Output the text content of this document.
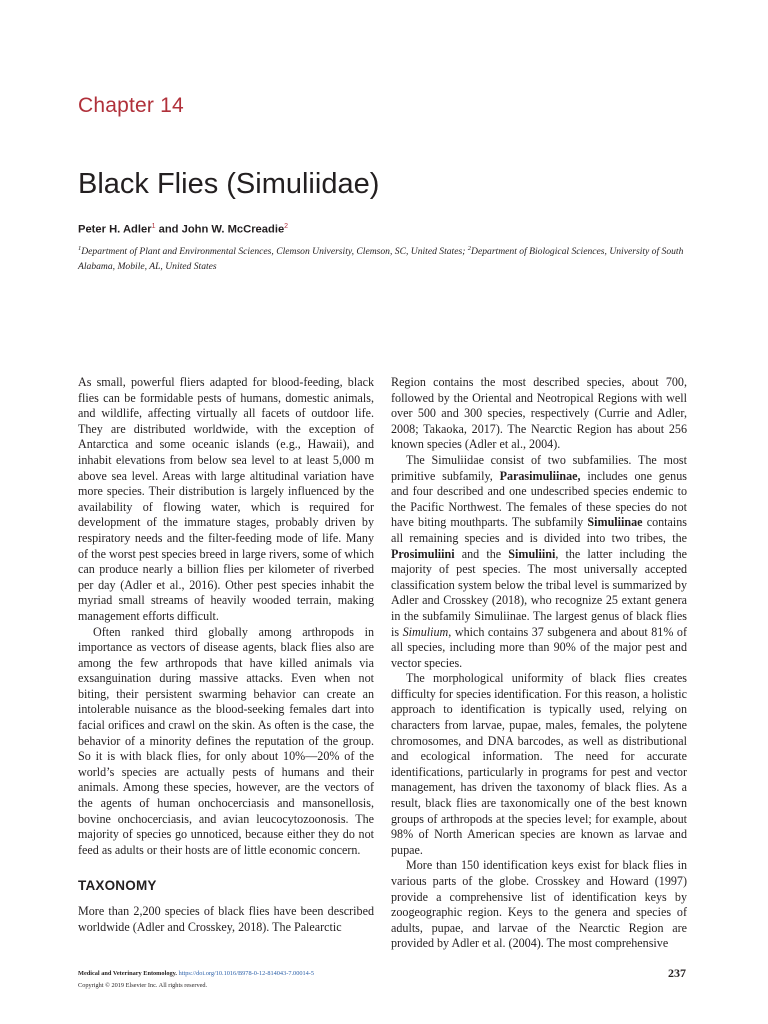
Chapter 14
Black Flies (Simuliidae)
Peter H. Adler$^1$ and John W. McCreadie$^2$
$^1$Department of Plant and Environmental Sciences, Clemson University, Clemson, SC, United States; $^2$Department of Biological Sciences, University of South Alabama, Mobile, AL, United States

As small, powerful fliers adapted for blood-feeding, black flies can be formidable pests of humans, domestic animals, and wildlife, affecting virtually all facets of outdoor life. They are distributed worldwide, with the exception of Antarctica and some oceanic islands (e.g., Hawaii), and inhabit elevations from below sea level to at least 5,000 m above sea level. Areas with large altitudinal variation have more species. Their distribution is largely influenced by the availability of flowing water, which is required for development of the immature stages, probably driven by respiratory needs and the filter-feeding mode of life. Many of the worst pest species breed in large rivers, some of which can produce nearly a billion flies per kilometer of riverbed per day (Adler et al., 2016). Other pest species inhabit the myriad small streams of heavily wooded terrain, making management efforts difficult.

Often ranked third globally among arthropods in importance as vectors of disease agents, black flies also are among the few arthropods that have killed animals via exsanguination during massive attacks. Even when not biting, their persistent swarming behavior can create an intolerable nuisance as the blood-seeking females dart into facial orifices and crawl on the skin. As often is the case, the behavior of a minority defines the reputation of the group. So it is with black flies, for only about 10%—20% of the world’s species are actually pests of humans and their animals. Among these species, however, are the vectors of the agents of human onchocerciasis and mansonellosis, bovine onchocerciasis, and avian leucocytozoonosis. The majority of species go unnoticed, because either they do not feed as adults or their hosts are of little economic concern.

TAXONOMY

More than 2,200 species of black flies have been described worldwide (Adler and Crosskey, 2018). The Palearctic

Region contains the most described species, about 700, followed by the Oriental and Neotropical Regions with well over 500 and 300 species, respectively (Currie and Adler, 2008; Takaoka, 2017). The Nearctic Region has about 256 known species (Adler et al., 2004).

The Simuliidae consist of two subfamilies. The most primitive subfamily, Parasimuliinae, includes one genus and four described and one undescribed species endemic to the Pacific Northwest. The females of these species do not have biting mouthparts. The subfamily Simuliinae contains all remaining species and is divided into two tribes, the Prosimuliini and the Simuliini, the latter including the majority of pest species. The most universally accepted classification system below the tribal level is summarized by Adler and Crosskey (2018), who recognize 25 extant genera in the subfamily Simuliinae. The largest genus of black flies is Simulium, which contains 37 subgenera and about 81% of all species, including more than 90% of the major pest and vector species.

The morphological uniformity of black flies creates difficulty for species identification. For this reason, a holistic approach to identification is typically used, relying on characters from larvae, pupae, males, females, the polytene chromosomes, and DNA barcodes, as well as distributional and ecological information. The need for accurate identifications, particularly in programs for pest and vector management, has driven the taxonomy of black flies. As a result, black flies are taxonomically one of the best known groups of arthropods at the species level; for example, about 98% of North American species are known as larvae and pupae.

More than 150 identification keys exist for black flies in various parts of the globe. Crosskey and Howard (1997) provide a comprehensive list of identification keys by zoogeographic region. Keys to the genera and species of adults, pupae, and larvae of the Nearctic Region are provided by Adler et al. (2004). The most comprehensive

Medical and Veterinary Entomology. https://doi.org/10.1016/B978-0-12-814043-7.00014-5
Copyright © 2019 Elsevier Inc. All rights reserved.
237
